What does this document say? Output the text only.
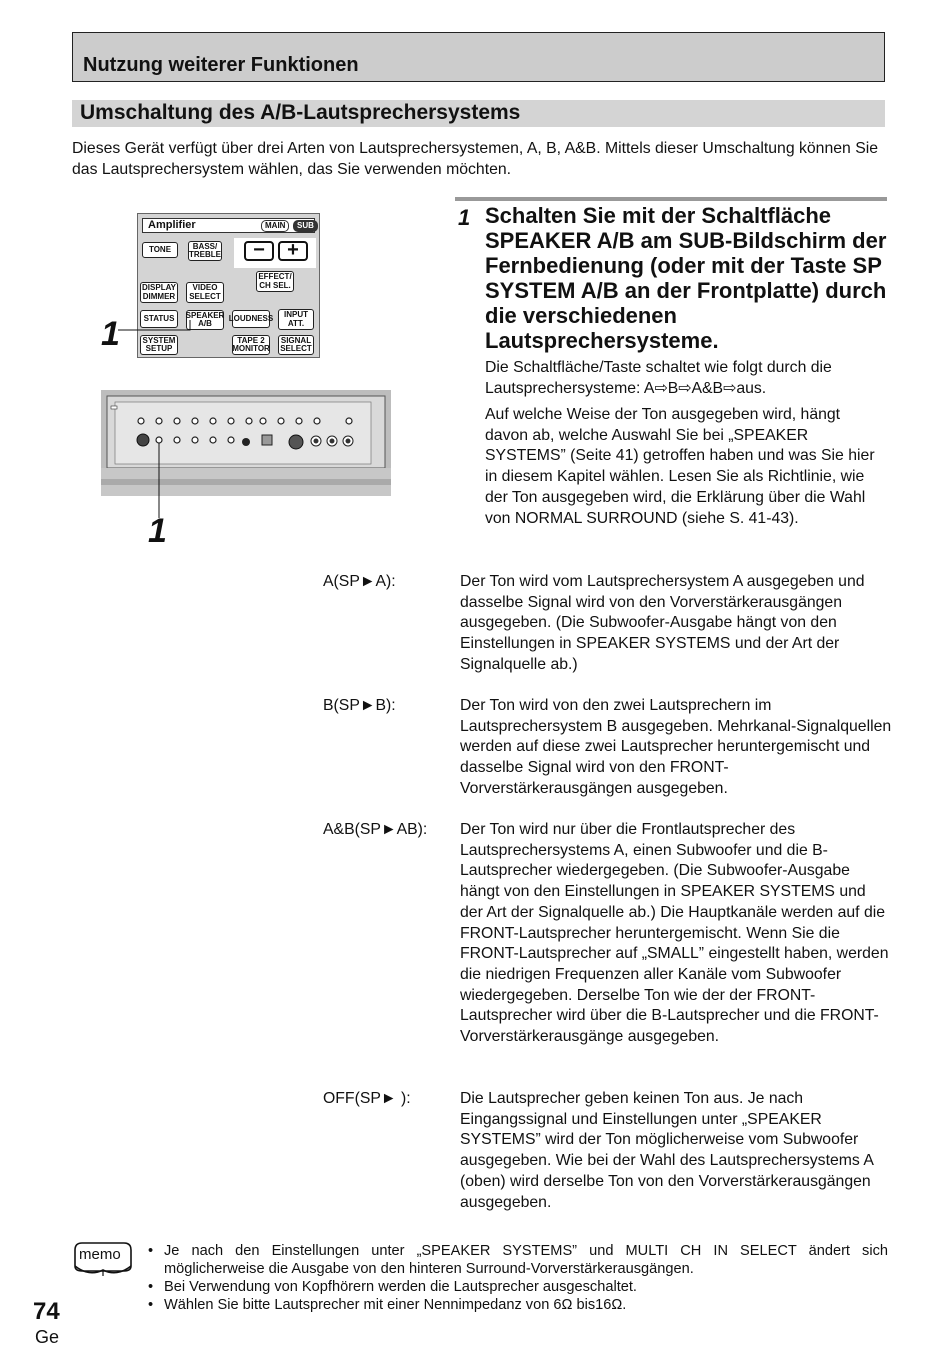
Nutzung weiterer Funktionen
Umschaltung des A/B-Lautsprechersystems
Dieses Gerät verfügt über drei Arten von Lautsprechersystemen, A, B, A&B. Mittels dieser Umschaltung können Sie das Lautsprechersystem wählen, das Sie verwenden möchten.
Amplifier	MAIN	SUB
TONE	BASS/
TREBLE	−	+
EFFECT/
CH SEL.
DISPLAY
DIMMER
VIDEO
SELECT
STATUS	SPEAKER
A/B
LOUDNESS	INPUT
ATT.
SYSTEM
SETUP
TAPE 2
MONITOR
SIGNAL
SELECT
1
1
1 Schalten Sie mit der Schaltfläche SPEAKER A/B am SUB-Bildschirm der Fernbedienung (oder mit der Taste SP SYSTEM A/B an der Frontplatte) durch die verschiedenen Lautsprechersysteme.
Die Schaltfläche/Taste schaltet wie folgt durch die Lautsprechersysteme: A⇨B⇨A&B⇨aus.
Auf welche Weise der Ton ausgegeben wird, hängt davon ab, welche Auswahl Sie bei „SPEAKER SYSTEMS” (Seite 41) getroffen haben und was Sie hier in diesem Kapitel wählen. Lesen Sie als Richtlinie, wie der Ton ausgegeben wird, die Erklärung über die Wahl von NORMAL SURROUND (siehe S. 41-43).
A(SP►A):	Der Ton wird vom Lautsprechersystem A ausgegeben und dasselbe Signal wird von den Vorverstärkerausgängen ausgegeben. (Die Subwoofer-Ausgabe hängt von den Einstellungen in SPEAKER SYSTEMS und der Art der Signalquelle ab.)
B(SP►B):	Der Ton wird von den zwei Lautsprechern im Lautsprechersystem B ausgegeben. Mehrkanal-Signalquellen werden auf diese zwei Lautsprecher heruntergemischt und dasselbe Signal wird von den FRONT-Vorverstärkerausgängen ausgegeben.
A&B(SP►AB): Der Ton wird nur über die Frontlautsprecher des Lautsprechersystems A, einen Subwoofer und die B-Lautsprecher wiedergegeben. (Die Subwoofer-Ausgabe hängt von den Einstellungen in SPEAKER SYSTEMS und der Art der Signalquelle ab.) Die Hauptkanäle werden auf die FRONT-Lautsprecher heruntergemischt. Wenn Sie die FRONT-Lautsprecher auf „SMALL” eingestellt haben, werden die niedrigen Frequenzen aller Kanäle vom Subwoofer wiedergegeben. Derselbe Ton wie der der FRONT-Lautsprecher wird über die B-Lautsprecher und die FRONT-Vorverstärkerausgänge ausgegeben.
OFF(SP► ):	Die Lautsprecher geben keinen Ton aus. Je nach Eingangssignal und Einstellungen unter „SPEAKER SYSTEMS” wird der Ton möglicherweise vom Subwoofer ausgegeben. Wie bei der Wahl des Lautsprechersystems A (oben) wird derselbe Ton von den Vorverstärkerausgängen ausgegeben.
memo
•	Je nach den Einstellungen unter „SPEAKER SYSTEMS” und MULTI CH IN SELECT ändert sich möglicherweise die Ausgabe von den hinteren Surround-Vorverstärkerausgängen.
• Bei Verwendung von Kopfhörern werden die Lautsprecher ausgeschaltet.
• Wählen Sie bitte Lautsprecher mit einer Nennimpedanz von 6Ω bis16Ω.
74
Ge
